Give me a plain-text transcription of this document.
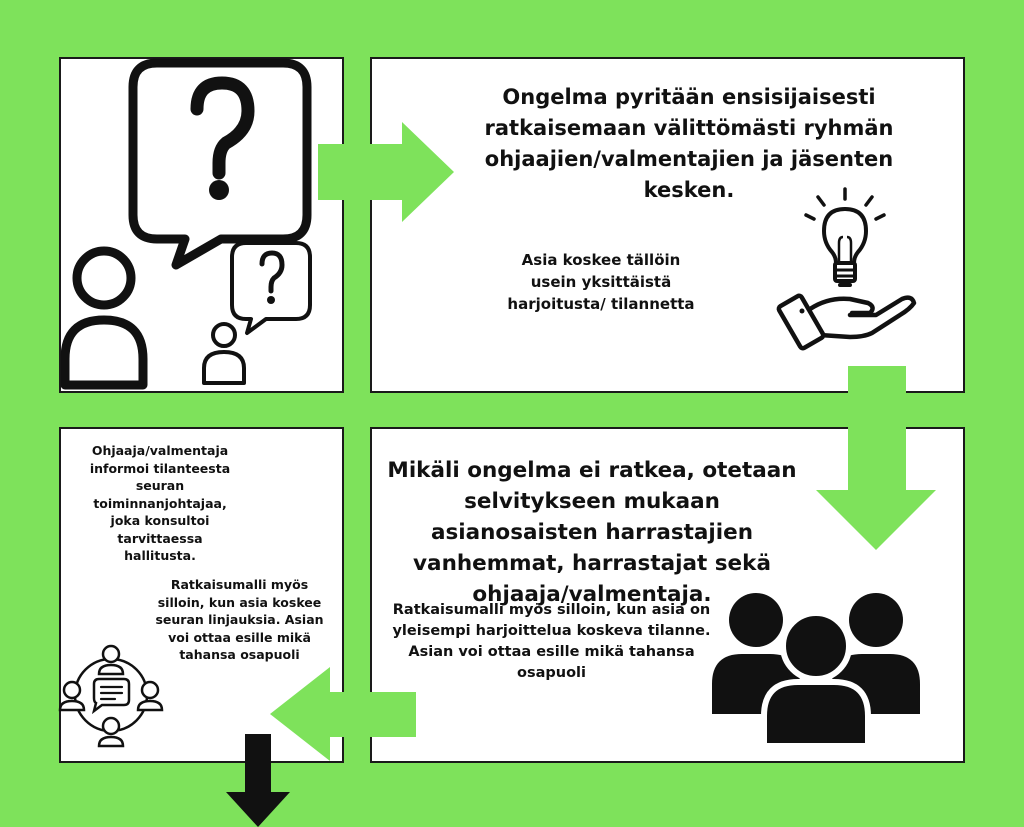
Ongelma pyritään ensisijaisesti ratkaisemaan välittömästi ryhmän ohjaajien/valmentajien ja jäsenten kesken.

Asia koskee tällöin usein yksittäistä harjoitusta/ tilannetta

Mikäli ongelma ei ratkea, otetaan selvitykseen mukaan asianosaisten harrastajien vanhemmat, harrastajat sekä ohjaaja/valmentaja.

Ratkaisumalli myös silloin, kun asia on yleisempi harjoittelua koskeva tilanne. Asian voi ottaa esille mikä tahansa osapuoli

Ohjaaja/valmentaja informoi tilanteesta seuran toiminnanjohtajaa, joka konsultoi tarvittaessa hallitusta.

Ratkaisumalli myös silloin, kun asia koskee seuran linjauksia. Asian voi ottaa esille mikä tahansa osapuoli
